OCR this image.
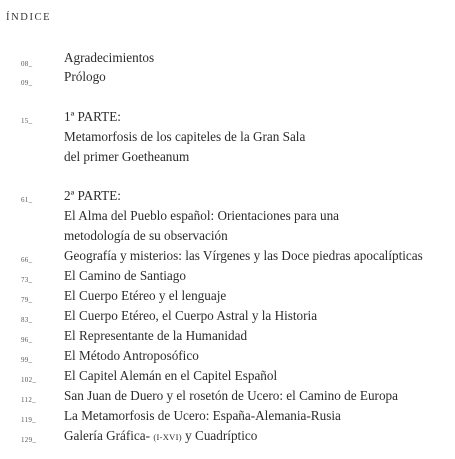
ÍNDICE
08_ Agradecimientos
09_ Prólogo
15_ 1ª PARTE:
Metamorfosis de los capiteles de la Gran Sala
del primer Goetheanum
61_ 2ª PARTE:
El Alma del Pueblo español: Orientaciones para una
metodología de su observación
66_ Geografía y misterios: las Vírgenes y las Doce piedras apocalípticas
73_ El Camino de Santiago
79_ El Cuerpo Etéreo y el lenguaje
83_ El Cuerpo Etéreo, el Cuerpo Astral y la Historia
96_ El Representante de la Humanidad
99_ El Método Antroposófico
102_ El Capitel Alemán en el Capitel Español
112_ San Juan de Duero y el rosetón de Ucero: el Camino de Europa
119_ La Metamorfosis de Ucero: España-Alemania-Rusia
129_ Galería Gráfica- (I-XVI) y Cuadríptico
